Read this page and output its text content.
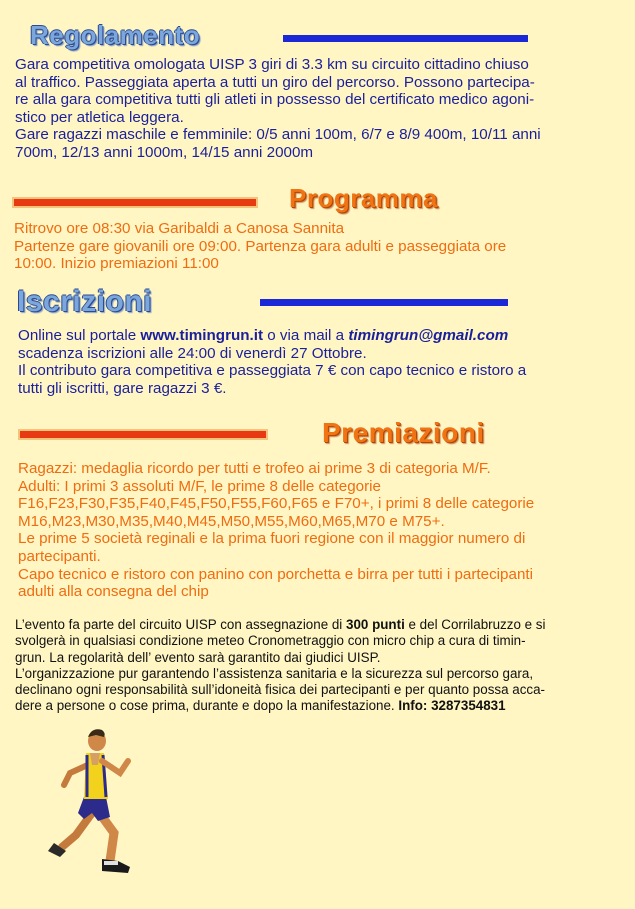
Regolamento

Gara competitiva omologata UISP 3 giri di 3.3 km su circuito cittadino chiuso

al traffico. Passeggiata aperta a tutti un giro del percorso. Possono partecipa-

re alla gara competitiva tutti gli atleti in possesso del certificato medico agoni-

stico per atletica leggera.

Gare ragazzi maschile e femminile: 0/5 anni 100m, 6/7 e 8/9 400m, 10/11 anni

700m, 12/13 anni 1000m, 14/15 anni 2000m

Programma

Ritrovo ore 08:30 via Garibaldi a Canosa Sannita

Partenze gare giovanili ore 09:00. Partenza gara adulti e passeggiata ore

10:00. Inizio premiazioni 11:00

Iscrizioni

Online sul portale www.timingrun.it o via mail a timingrun@gmail.com

scadenza iscrizioni alle 24:00 di venerdì 27 Ottobre.

Il contributo gara competitiva e passeggiata 7 € con capo tecnico e ristoro a

tutti gli iscritti, gare ragazzi 3 €.

Premiazioni

Ragazzi: medaglia ricordo per tutti e trofeo ai prime 3 di categoria M/F.

Adulti: I primi 3 assoluti M/F, le prime 8 delle categorie

F16,F23,F30,F35,F40,F45,F50,F55,F60,F65 e F70+, i primi 8 delle categorie

M16,M23,M30,M35,M40,M45,M50,M55,M60,M65,M70 e M75+.

Le prime 5 società reginali e la prima fuori regione con il maggior numero di

partecipanti.

Capo tecnico e ristoro con panino con porchetta e birra per tutti i partecipanti

adulti alla consegna del chip

L’evento fa parte del circuito UISP con assegnazione di 300 punti e del Corrilabruzzo e si

svolgerà in qualsiasi condizione meteo Cronometraggio con micro chip a cura di timin-

grun. La regolarità dell’ evento sarà garantito dai giudici UISP.

L’organizzazione pur garantendo l’assistenza sanitaria e la sicurezza sul percorso gara,

declinano ogni responsabilità sull’idoneità fisica dei partecipanti e per quanto possa acca-

dere a persone o cose prima, durante e dopo la manifestazione. Info: 3287354831
